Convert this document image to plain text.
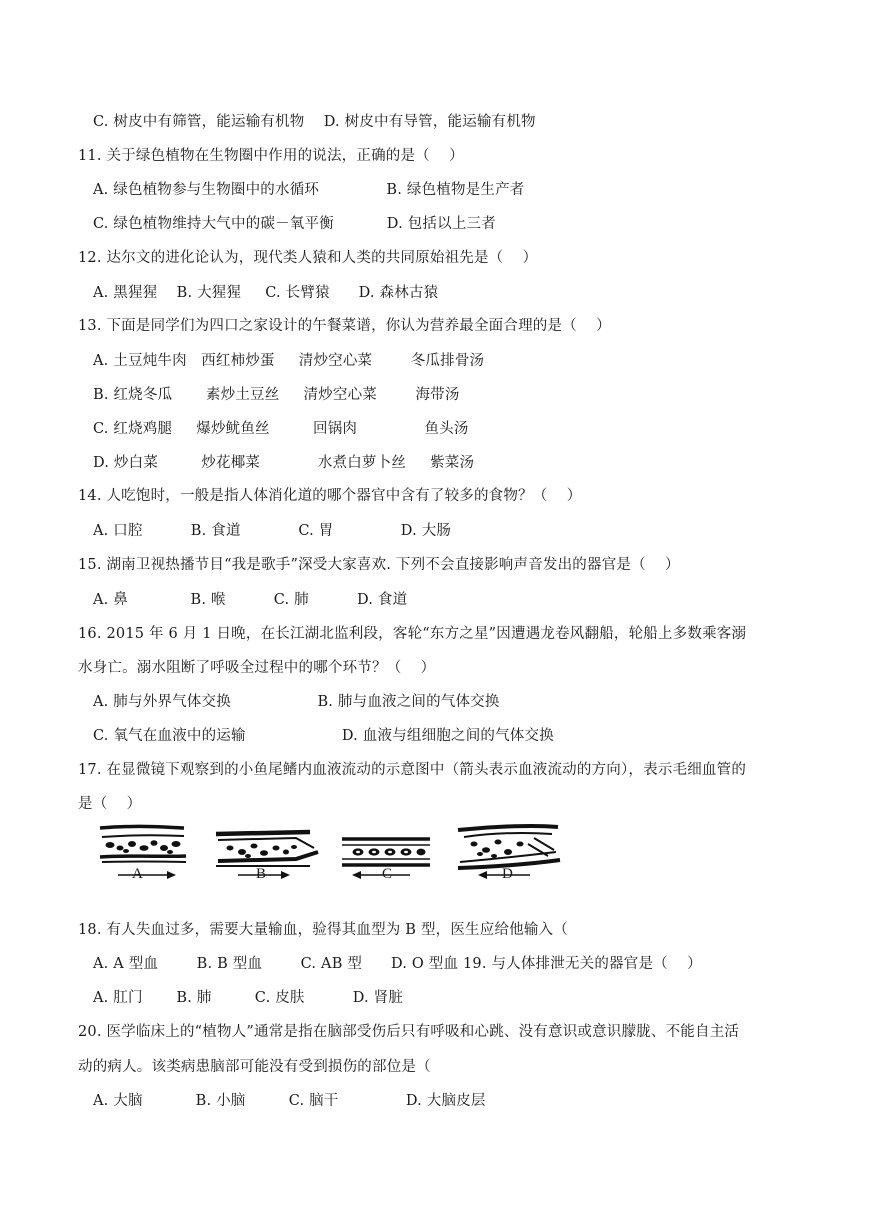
C. 树皮中有筛管，能运输有机物    D. 树皮中有导管，能运输有机物
11. 关于绿色植物在生物圈中作用的说法，正确的是（    ）
A. 绿色植物参与生物圈中的水循环              B. 绿色植物是生产者
C. 绿色植物维持大气中的碳－氧平衡           D. 包括以上三者
12. 达尔文的进化论认为，现代类人猿和人类的共同原始祖先是（    ）
A. 黑猩猩    B. 大猩猩     C. 长臂猿      D. 森林古猿
13. 下面是同学们为四口之家设计的午餐菜谱，你认为营养最全面合理的是（    ）
A. 土豆炖牛肉   西红柿炒蛋     清炒空心菜        冬瓜排骨汤
B. 红烧冬瓜       素炒土豆丝     清炒空心菜        海带汤
C. 红烧鸡腿     爆炒鱿鱼丝         回锅肉              鱼头汤
D. 炒白菜         炒花椰菜            水煮白萝卜丝     紫菜汤
14. 人吃饱时，一般是指人体消化道的哪个器官中含有了较多的食物？（    ）
A. 口腔          B. 食道            C. 胃              D. 大肠
15. 湖南卫视热播节目“我是歌手”深受大家喜欢. 下列不会直接影响声音发出的器官是（    ）
A. 鼻             B. 喉          C. 肺          D. 食道
16. 2015 年 6 月 1 日晚，在长江湖北监利段，客轮“东方之星”因遭遇龙卷风翻船，轮船上多数乘客溺
水身亡。溺水阻断了呼吸全过程中的哪个环节？（    ）
A. 肺与外界气体交换                  B. 肺与血液之间的气体交换
C. 氧气在血液中的运输                    D. 血液与组细胞之间的气体交换
17. 在显微镜下观察到的小鱼尾鳍内血液流动的示意图中（箭头表示血液流动的方向），表示毛细血管的
是（    ）
A	B	C	D
18. 有人失血过多，需要大量输血，验得其血型为 B 型，医生应给他输入（
A. A 型血        B. B 型血        C. AB 型      D. O 型血 19. 与人体排泄无关的器官是（    ）
A. 肛门       B. 肺         C. 皮肤          D. 肾脏
20. 医学临床上的“植物人”通常是指在脑部受伤后只有呼吸和心跳、没有意识或意识朦胧、不能自主活
动的病人。该类病患脑部可能没有受到损伤的部位是（
A. 大脑           B. 小脑         C. 脑干              D. 大脑皮层
